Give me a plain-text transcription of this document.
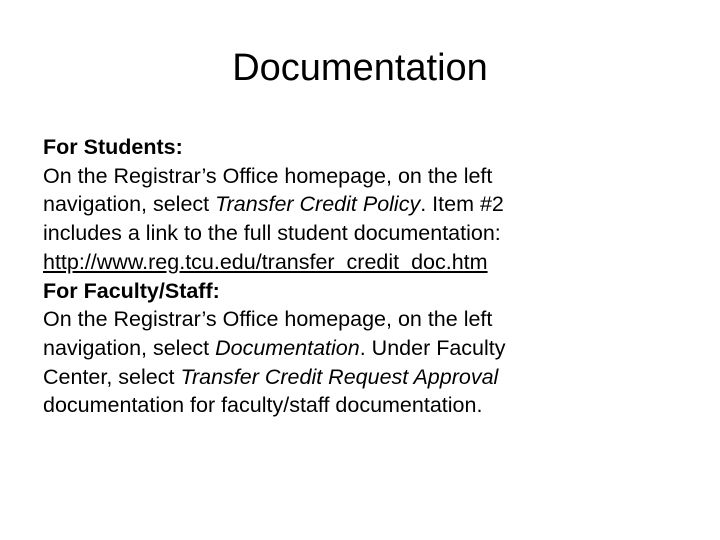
Documentation
For Students:
On the Registrar’s Office homepage, on the left
navigation, select Transfer Credit Policy. Item #2
includes a link to the full student documentation:
http://www.reg.tcu.edu/transfer_credit_doc.htm
For Faculty/Staff:
On the Registrar’s Office homepage, on the left
navigation, select Documentation. Under Faculty
Center, select Transfer Credit Request Approval
documentation for faculty/staff documentation.
